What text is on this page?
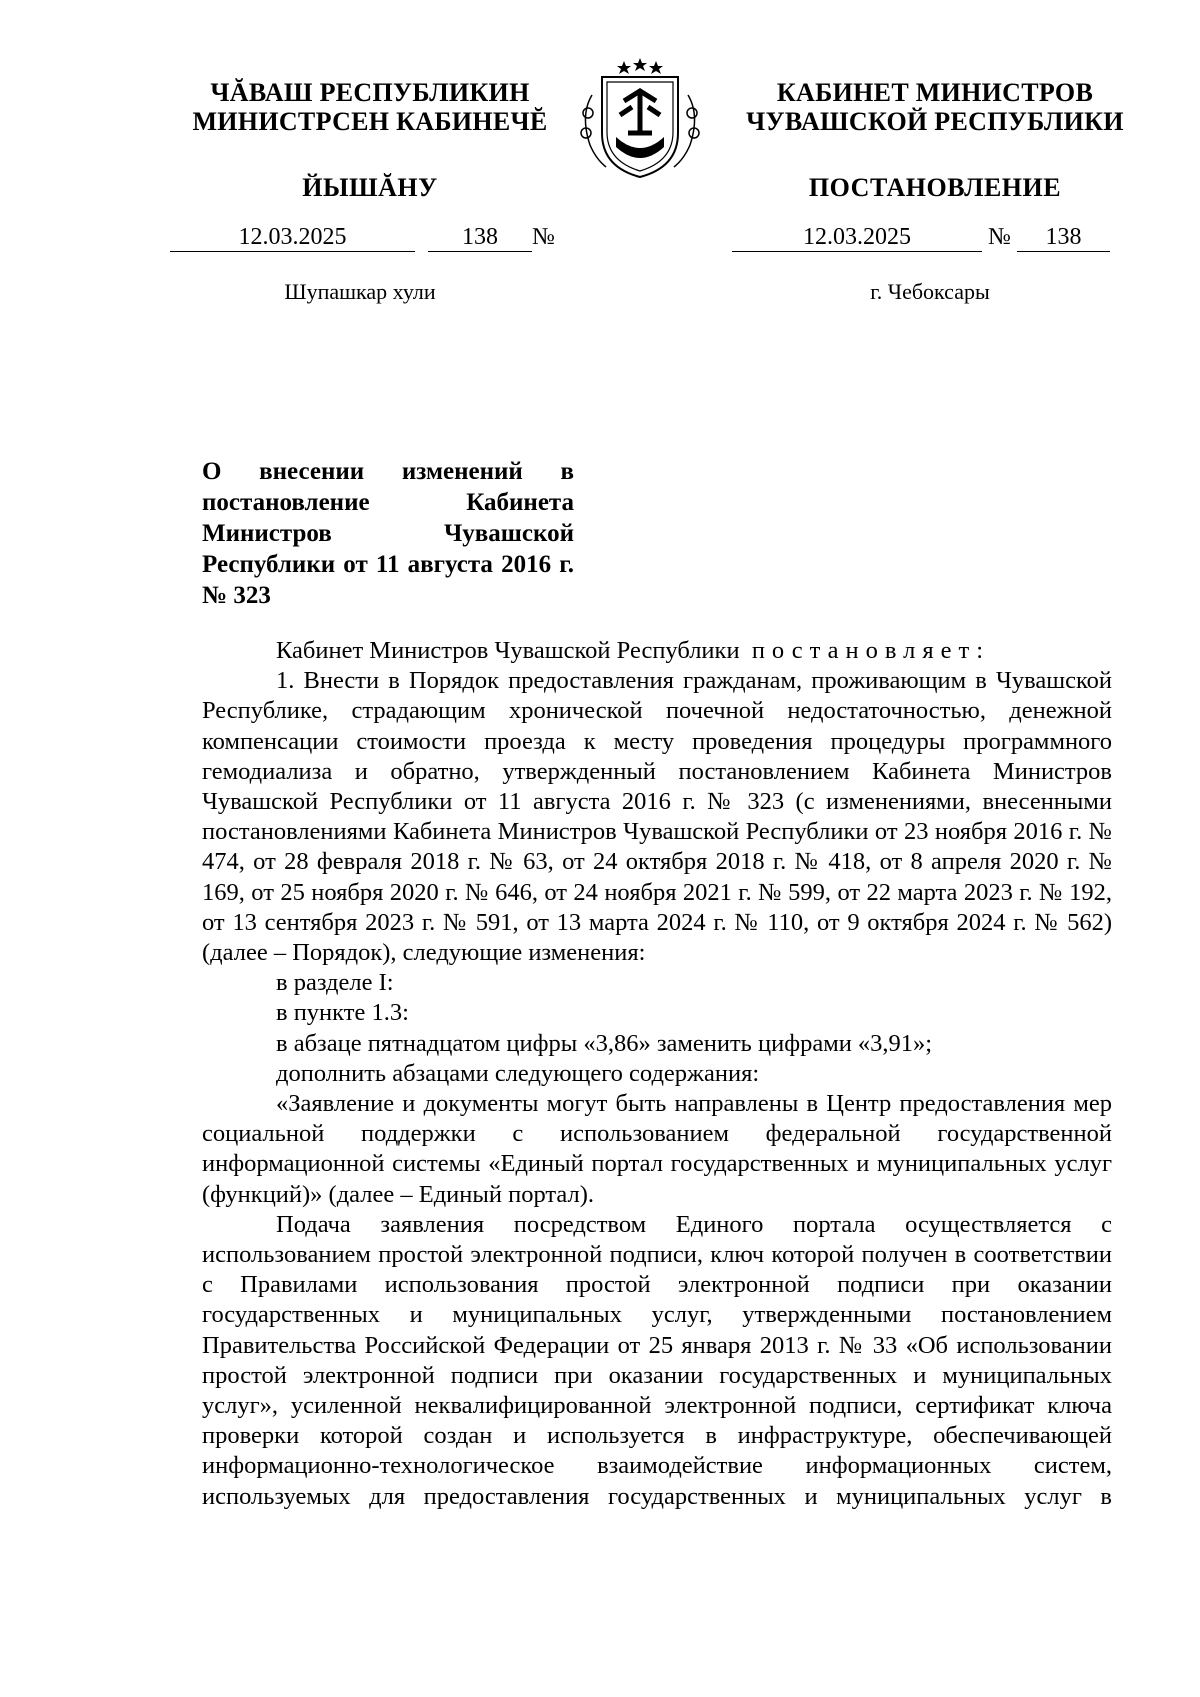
ЧĂВАШ РЕСПУБЛИКИН
МИНИСТРСЕН КАБИНЕЧĔ
ЙЫШĂНУ
КАБИНЕТ МИНИСТРОВ
ЧУВАШСКОЙ РЕСПУБЛИКИ
ПОСТАНОВЛЕНИЕ
12.03.2025	138	№	12.03.2025	№	138
Шупашкар хули	г. Чебоксары
О внесении изменений в постановление Кабинета Министров Чувашской Республики от 11 августа 2016 г. № 323

Кабинет Министров Чувашской Республики постановляет:

1. Внести в Порядок предоставления гражданам, проживающим в Чувашской Республике, страдающим хронической почечной недостаточностью, денежной компенсации стоимости проезда к месту проведения процедуры программного гемодиализа и обратно, утвержденный постановлением Кабинета Министров Чувашской Республики от 11 августа 2016 г. № 323 (с изменениями, внесенными постановлениями Кабинета Министров Чувашской Республики от 23 ноября 2016 г. № 474, от 28 февраля 2018 г. № 63, от 24 октября 2018 г. № 418, от 8 апреля 2020 г. № 169, от 25 ноября 2020 г. № 646, от 24 ноября 2021 г. № 599, от 22 марта 2023 г. № 192, от 13 сентября 2023 г. № 591, от 13 марта 2024 г. № 110, от 9 октября 2024 г. № 562) (далее – Порядок), следующие изменения:

в разделе I:

в пункте 1.3:

в абзаце пятнадцатом цифры «3,86» заменить цифрами «3,91»;

дополнить абзацами следующего содержания:

«Заявление и документы могут быть направлены в Центр предоставления мер социальной поддержки с использованием федеральной государственной информационной системы «Единый портал государственных и муниципальных услуг (функций)» (далее – Единый портал).

Подача заявления посредством Единого портала осуществляется с использованием простой электронной подписи, ключ которой получен в соответствии с Правилами использования простой электронной подписи при оказании государственных и муниципальных услуг, утвержденными постановлением Правительства Российской Федерации от 25 января 2013 г. № 33 «Об использовании простой электронной подписи при оказании государственных и муниципальных услуг», усиленной неквалифицированной электронной подписи, сертификат ключа проверки которой создан и используется в инфраструктуре, обеспечивающей информационно-технологическое взаимодействие информационных систем, используемых для предоставления государственных и муниципальных услуг в
